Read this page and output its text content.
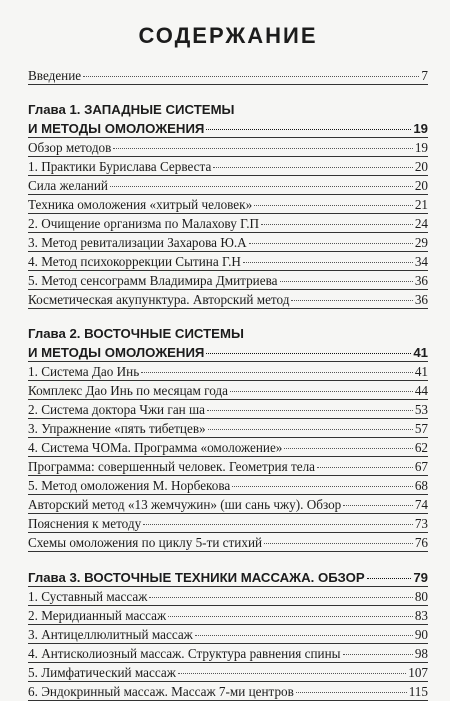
СОДЕРЖАНИЕ
Введение	7
Глава 1. ЗАПАДНЫЕ СИСТЕМЫ
И МЕТОДЫ ОМОЛОЖЕНИЯ	19
Обзор методов	19
1. Практики Бурислава Сервеста	20
Сила желаний	20
Техника омоложения «хитрый человек»	21
2. Очищение организма по Малахову Г.П	24
3. Метод ревитализации Захарова Ю.А	29
4. Метод психокоррекции Сытина Г.Н	34
5. Метод сенсограмм Владимира Дмитриева	36
Косметическая акупунктура. Авторский метод	36
Глава 2. ВОСТОЧНЫЕ СИСТЕМЫ
И МЕТОДЫ ОМОЛОЖЕНИЯ	41
1. Система Дао Инь	41
Комплекс Дао Инь по месяцам года	44
2. Система доктора Чжи ган ша	53
3. Упражнение «пять тибетцев»	57
4. Система ЧОМа. Программа «омоложение»	62
Программа: совершенный человек. Геометрия тела	67
5. Метод омоложения М. Норбекова	68
Авторский метод «13 жемчужин» (ши сань чжу). Обзор	74
Пояснения к методу	73
Схемы омоложения по циклу 5-ти стихий	76
Глава 3. ВОСТОЧНЫЕ ТЕХНИКИ МАССАЖА. ОБЗОР	79
1. Суставный массаж	80
2. Меридианный массаж	83
3. Антицеллюлитный массаж	90
4. Антисколиозный массаж. Структура равнения спины	98
5. Лимфатический массаж	107
6. Эндокринный массаж. Массаж 7-ми центров	115
